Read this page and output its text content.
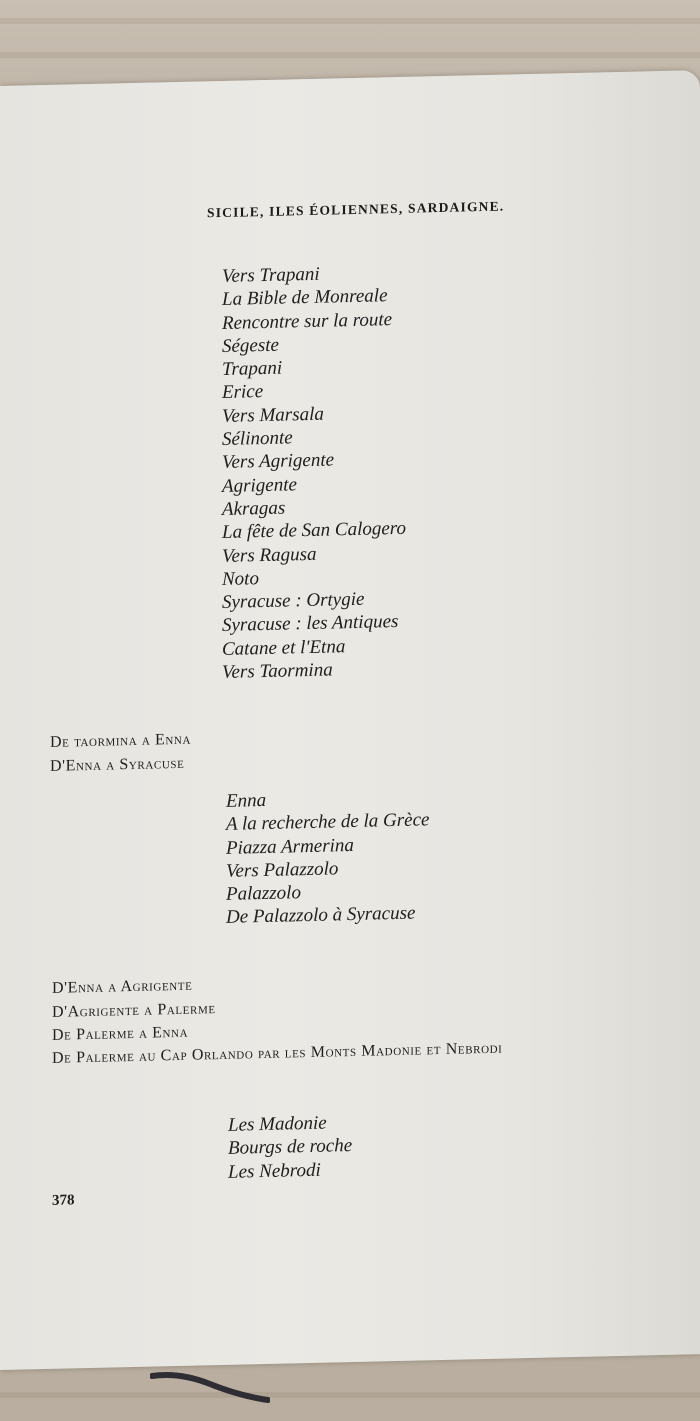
SICILE, ILES ÉOLIENNES, SARDAIGNE.
Vers Trapani
La Bible de Monreale
Rencontre sur la route
Ségeste
Trapani
Erice
Vers Marsala
Sélinonte
Vers Agrigente
Agrigente
Akragas
La fête de San Calogero
Vers Ragusa
Noto
Syracuse : Ortygie
Syracuse : les Antiques
Catane et l'Etna
Vers Taormina
De taormina a Enna
D'Enna a Syracuse
Enna
A la recherche de la Grèce
Piazza Armerina
Vers Palazzolo
Palazzolo
De Palazzolo à Syracuse
D'Enna a Agrigente
D'Agrigente a Palerme
De Palerme a Enna
De Palerme au Cap Orlando par les Monts Madonie et Nebrodi
Les Madonie
Bourgs de roche
Les Nebrodi
378
